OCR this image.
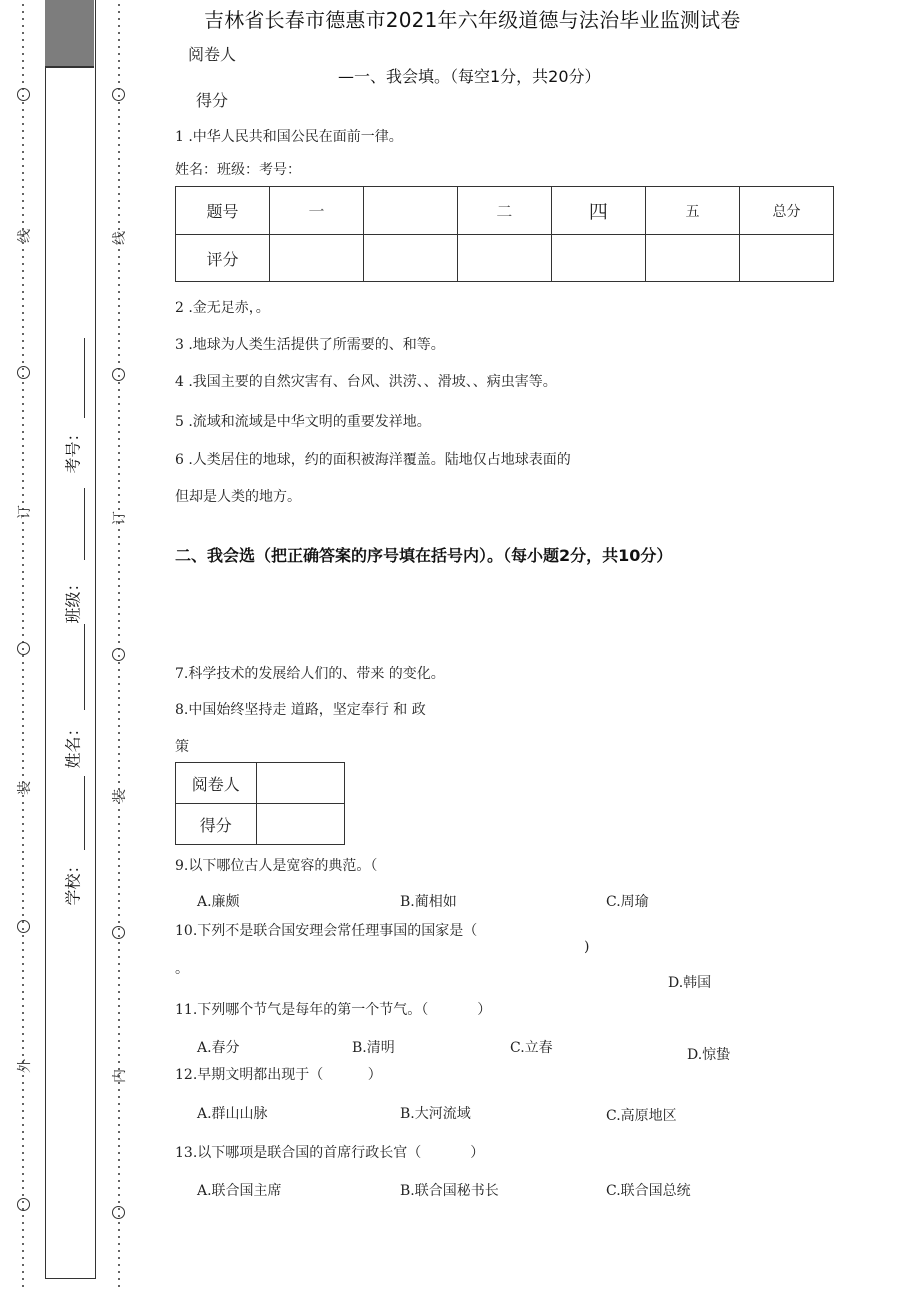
线
订
装
外
线
订
装
内
考号：
班级：
姓名：
学校：
吉林省长春市德惠市2021年六年级道德与法治毕业监测试卷
阅卷人
—一、我会填。（每空1分，共20分）
得分
1 .中华人民共和国公民在面前一律。
姓名：班级：考号：
题号	一		二	四	五	总分
评分						
2 .金无足赤，。
3 .地球为人类生活提供了所需要的、和等。
4 .我国主要的自然灾害有、台风、洪涝、、滑坡、、病虫害等。
5 .流域和流域是中华文明的重要发祥地。
6 .人类居住的地球，约的面积被海洋覆盖。陆地仅占地球表面的
但却是人类的地方。
二、我会选（把正确答案的序号填在括号内）。（每小题2分，共10分）
7.科学技术的发展给人们的、带来 的变化。
8.中国始终坚持走 道路，坚定奉行 和 政
策
阅卷人	
得分	
9.以下哪位古人是宽容的典范。（
A.廉颇	B.蔺相如	C.周瑜
10.下列不是联合国安理会常任理事国的国家是（
)
。
D.韩国
11.下列哪个节气是每年的第一个节气。（           ）
A.春分	B.清明	C.立春	D.惊蛰
12.早期文明都出现于（          ）
A.群山山脉	B.大河流域	C.高原地区
13.以下哪项是联合国的首席行政长官（           ）
A.联合国主席	B.联合国秘书长	C.联合国总统
